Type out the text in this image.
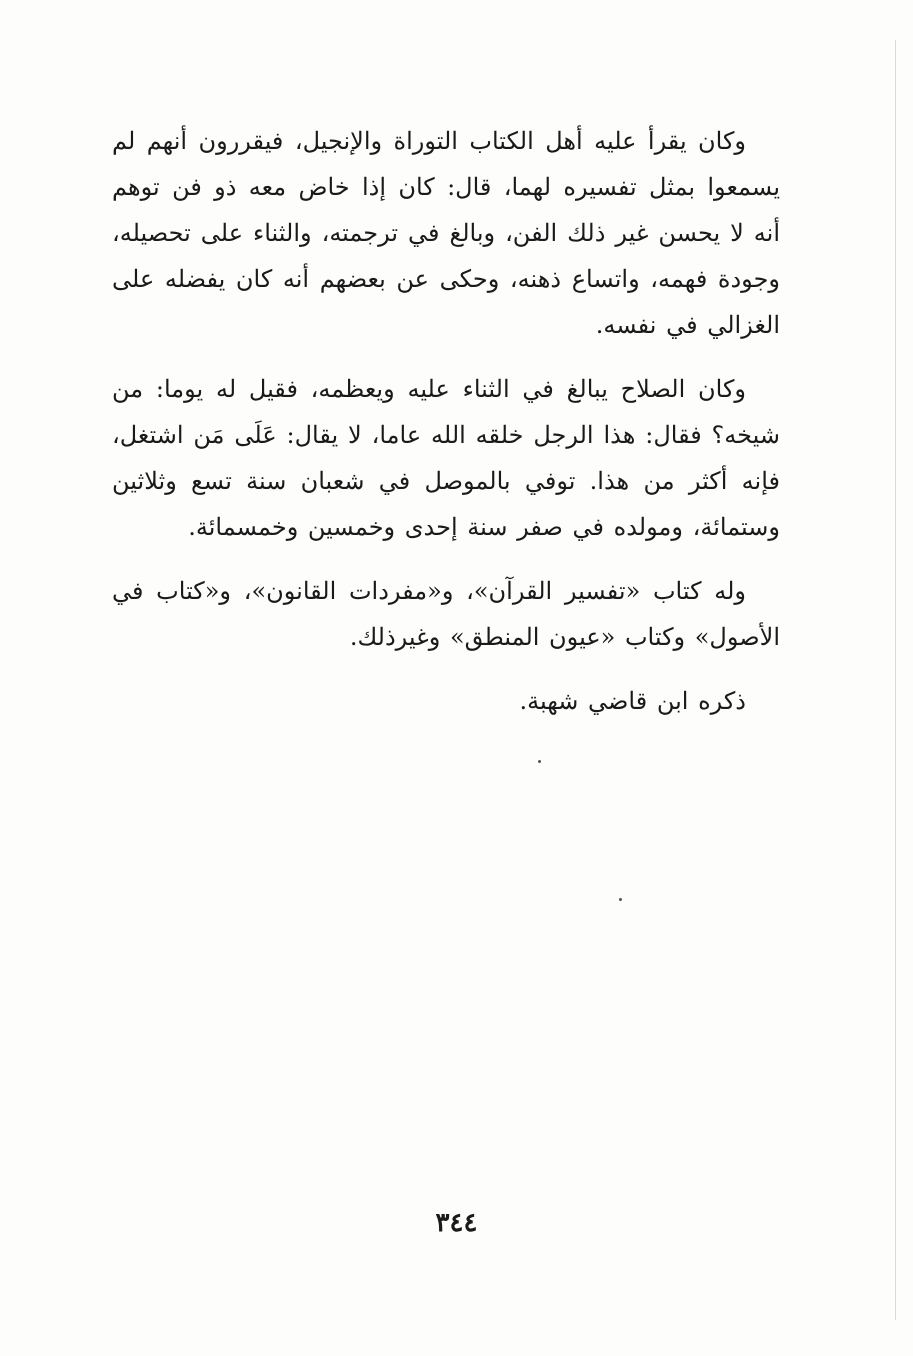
وكان يقرأ عليه أهل الكتاب التوراة والإنجيل، فيقررون أنهم لم يسمعوا بمثل تفسيره لهما، قال: كان إذا خاض معه ذو فن توهم أنه لا يحسن غير ذلك الفن، وبالغ في ترجمته، والثناء على تحصيله، وجودة فهمه، واتساع ذهنه، وحكى عن بعضهم أنه كان يفضله على الغزالي في نفسه.

وكان الصلاح يبالغ في الثناء عليه ويعظمه، فقيل له يوما: من شيخه؟ فقال: هذا الرجل خلقه الله عاما، لا يقال: عَلَى مَن اشتغل، فإنه أكثر من هذا. توفي بالموصل في شعبان سنة تسع وثلاثين وستمائة، ومولده في صفر سنة إحدى وخمسين وخمسمائة.

وله كتاب «تفسير القرآن»، و«مفردات القانون»، و«كتاب في الأصول» وكتاب «عيون المنطق» وغيرذلك.

ذكره ابن قاضي شهبة.

٣٤٤
